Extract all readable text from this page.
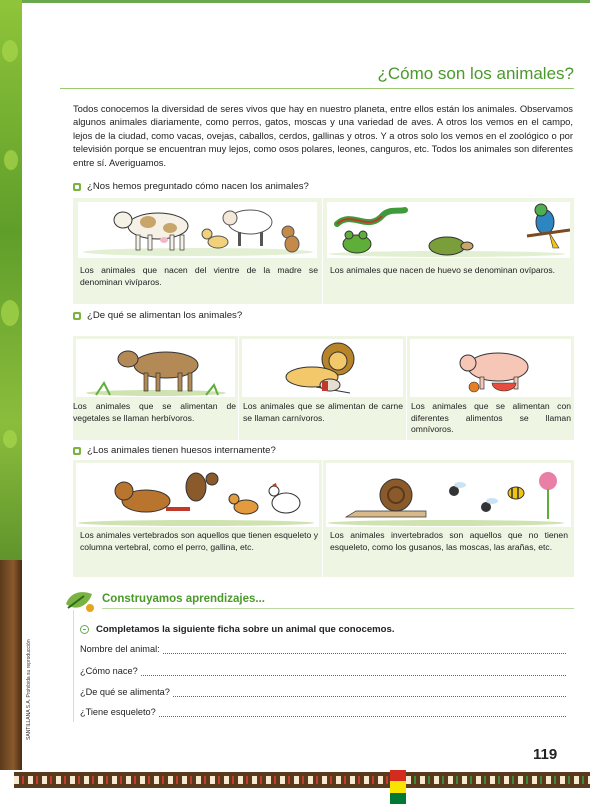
SANTILLANA S.A. Prohibida su reproducción
¿Cómo son los animales?
Todos conocemos la diversidad de seres vivos que hay en nuestro planeta, entre ellos están los animales. Observamos algunos animales diariamente, como perros, gatos, moscas y una variedad de aves. A otros los vemos en el campo, lejos de la ciudad, como vacas, ovejas, caballos, cerdos, gallinas y otros. Y a otros solo los vemos en el zoológico o por televisión porque se encuentran muy lejos, como osos polares, leones, canguros, etc. Todos los animales son diferentes entre sí. Averiguamos.
¿Nos hemos preguntado cómo nacen los animales?
Los animales que nacen del vientre de la madre se denominan vivíparos.
Los animales que nacen de huevo se denominan ovíparos.
¿De qué se alimentan los animales?
Los animales que se alimentan de vegetales se llaman herbívoros.
Los animales que se alimentan de carne se llaman carnívoros.
Los animales que se alimentan con diferentes alimentos se llaman omnívoros.
¿Los animales tienen huesos internamente?
Los animales vertebrados son aquellos que tienen esqueleto y columna vertebral, como el perro, gallina, etc.
Los animales invertebrados son aquellos que no tienen esqueleto, como los gusanos, las moscas, las arañas, etc.
Construyamos aprendizajes...
Completamos la siguiente ficha sobre un animal que conocemos.
Nombre del animal:
¿Cómo nace?
¿De qué se alimenta?
¿Tiene esqueleto?
119
